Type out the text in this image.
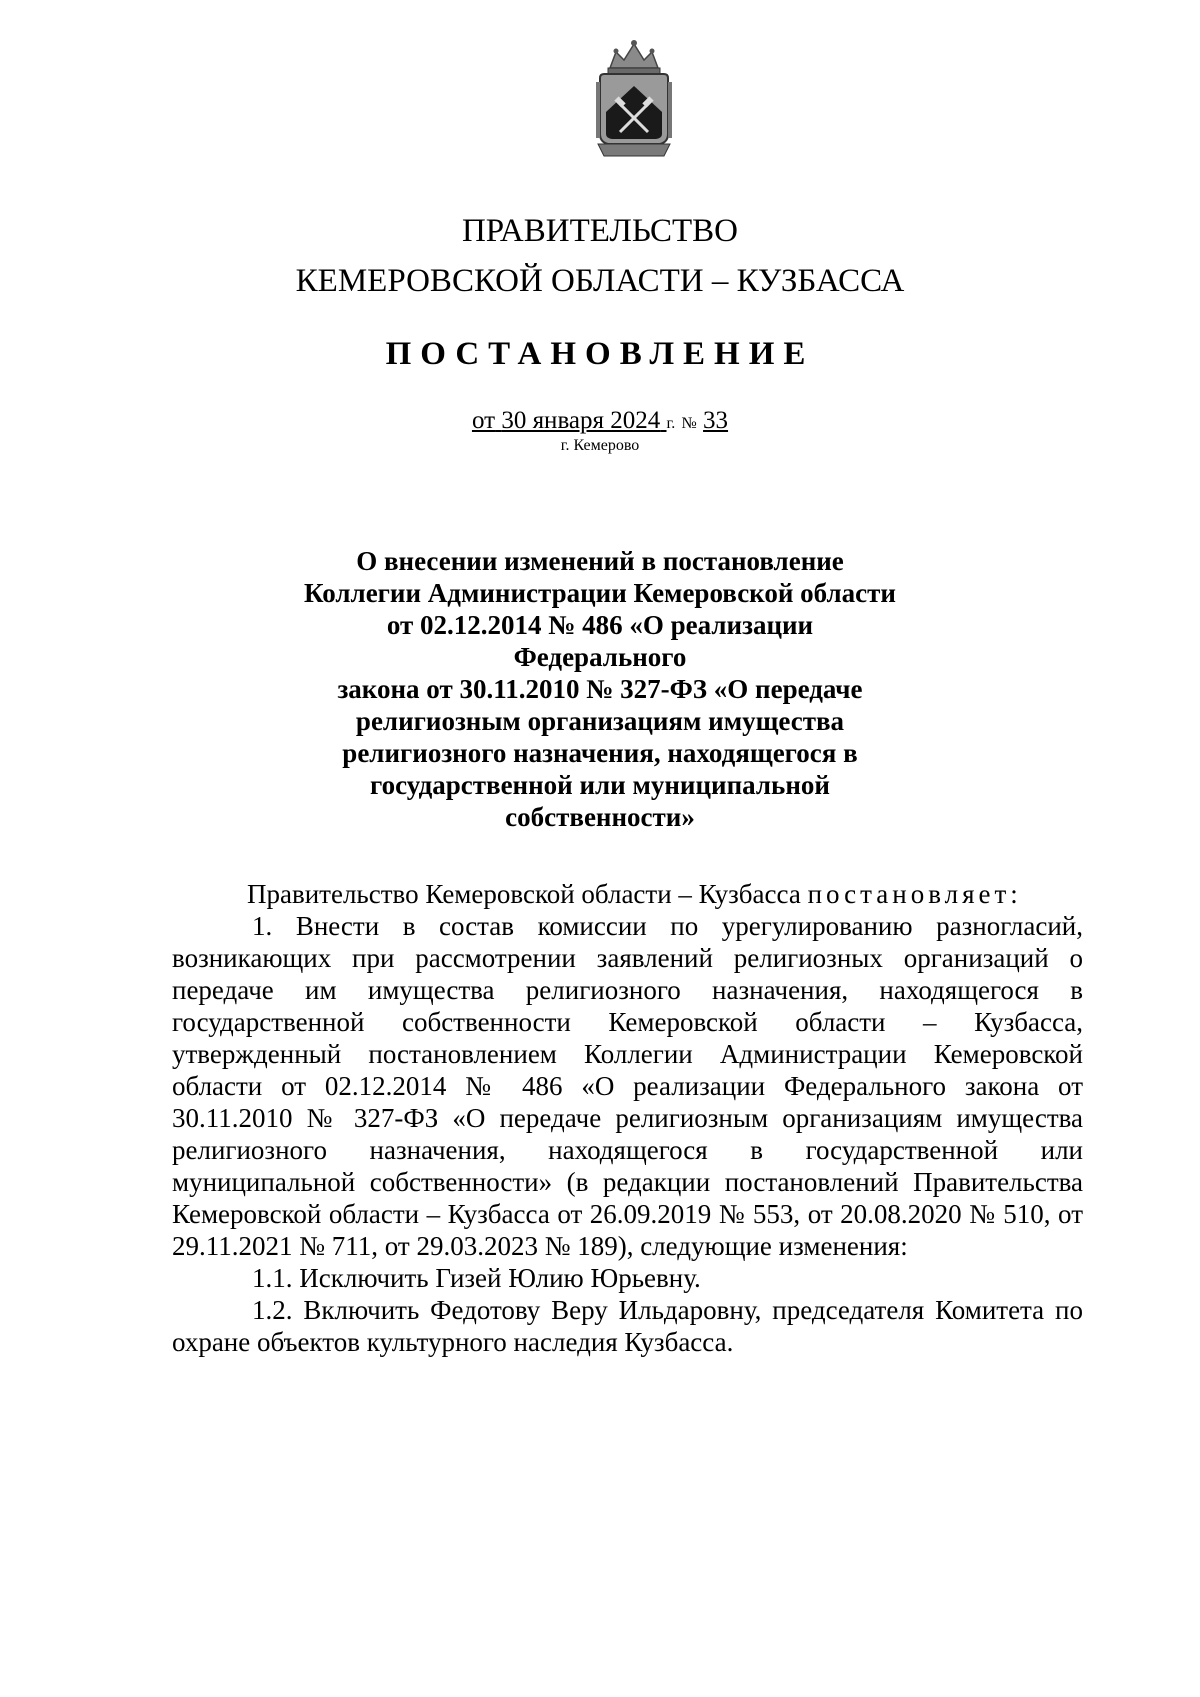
ПРАВИТЕЛЬСТВО
КЕМЕРОВСКОЙ ОБЛАСТИ – КУЗБАССА
ПОСТАНОВЛЕНИЕ
от 30 января 2024 г. № 33
г. Кемерово
О внесении изменений в постановление
Коллегии Администрации Кемеровской области
от 02.12.2014 № 486 «О реализации Федерального
закона от 30.11.2010 № 327-ФЗ «О передаче
религиозным организациям имущества
религиозного назначения, находящегося в
государственной или муниципальной
собственности»

Правительство Кемеровской области – Кузбасса постановляет:

1. Внести в состав комиссии по урегулированию разногласий, возникающих при рассмотрении заявлений религиозных организаций о передаче им имущества религиозного назначения, находящегося в государственной собственности Кемеровской области – Кузбасса, утвержденный постановлением Коллегии Администрации Кемеровской области от 02.12.2014 № 486 «О реализации Федерального закона от 30.11.2010 № 327-ФЗ «О передаче религиозным организациям имущества религиозного назначения, находящегося в государственной или муниципальной собственности» (в редакции постановлений Правительства Кемеровской области – Кузбасса от 26.09.2019 № 553, от 20.08.2020 № 510, от 29.11.2021 № 711, от 29.03.2023 № 189), следующие изменения:

1.1. Исключить Гизей Юлию Юрьевну.

1.2. Включить Федотову Веру Ильдаровну, председателя Комитета по охране объектов культурного наследия Кузбасса.
